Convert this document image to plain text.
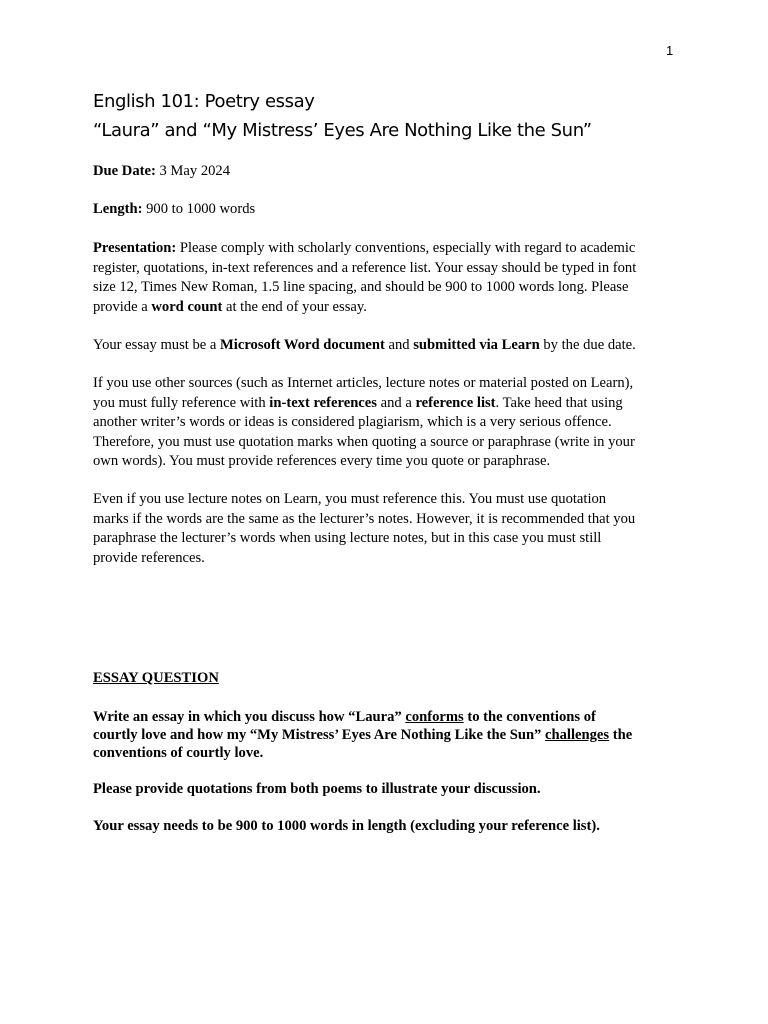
1
English 101: Poetry essay
“Laura” and “My Mistress’ Eyes Are Nothing Like the Sun”
Due Date: 3 May 2024
Length: 900 to 1000 words
Presentation: Please comply with scholarly conventions, especially with regard to academic
register, quotations, in-text references and a reference list. Your essay should be typed in font
size 12, Times New Roman, 1.5 line spacing, and should be 900 to 1000 words long. Please
provide a word count at the end of your essay.
Your essay must be a Microsoft Word document and submitted via Learn by the due date.
If you use other sources (such as Internet articles, lecture notes or material posted on Learn),
you must fully reference with in-text references and a reference list. Take heed that using
another writer’s words or ideas is considered plagiarism, which is a very serious offence.
Therefore, you must use quotation marks when quoting a source or paraphrase (write in your
own words). You must provide references every time you quote or paraphrase.
Even if you use lecture notes on Learn, you must reference this. You must use quotation
marks if the words are the same as the lecturer’s notes. However, it is recommended that you
paraphrase the lecturer’s words when using lecture notes, but in this case you must still
provide references.
ESSAY QUESTION
Write an essay in which you discuss how “Laura” conforms to the conventions of
courtly love and how my “My Mistress’ Eyes Are Nothing Like the Sun” challenges the
conventions of courtly love.
Please provide quotations from both poems to illustrate your discussion.
Your essay needs to be 900 to 1000 words in length (excluding your reference list).
